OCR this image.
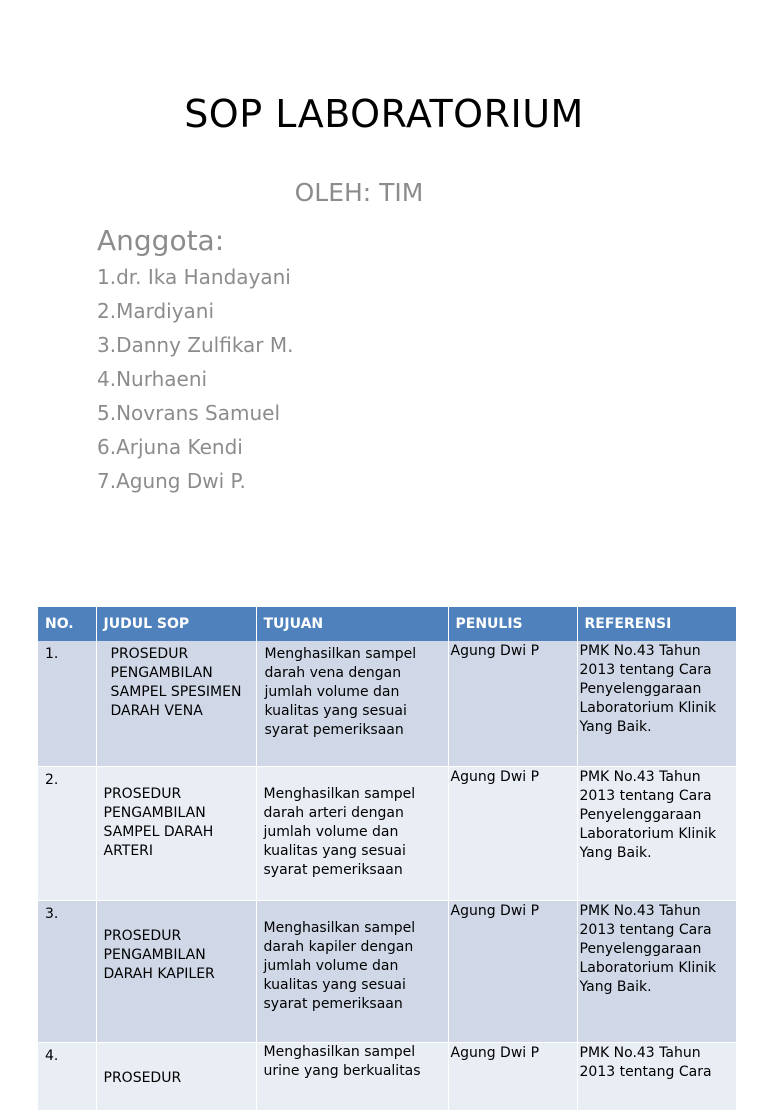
SOP LABORATORIUM
OLEH: TIM
Anggota:
1.dr. Ika Handayani
2.Mardiyani
3.Danny Zulfikar M.
4.Nurhaeni
5.Novrans Samuel
6.Arjuna Kendi
7.Agung Dwi P.
NO.	JUDUL SOP	TUJUAN	PENULIS	REFERENSI
1.	PROSEDUR PENGAMBILAN SAMPEL SPESIMEN DARAH VENA	Menghasilkan sampel darah vena dengan jumlah volume dan kualitas yang sesuai syarat pemeriksaan	Agung Dwi P	PMK No.43 Tahun 2013 tentang Cara Penyelenggaraan Laboratorium Klinik Yang Baik.
2.	PROSEDUR PENGAMBILAN SAMPEL DARAH ARTERI	Menghasilkan sampel darah arteri dengan jumlah volume dan kualitas yang sesuai syarat pemeriksaan	Agung Dwi P	PMK No.43 Tahun 2013 tentang Cara Penyelenggaraan Laboratorium Klinik Yang Baik.
3.	PROSEDUR PENGAMBILAN DARAH KAPILER	Menghasilkan sampel darah kapiler dengan jumlah volume dan kualitas yang sesuai syarat pemeriksaan	Agung Dwi P	PMK No.43 Tahun 2013 tentang Cara Penyelenggaraan Laboratorium Klinik Yang Baik.
4.	PROSEDUR	Menghasilkan sampel urine yang berkualitas	Agung Dwi P	PMK No.43 Tahun 2013 tentang Cara
